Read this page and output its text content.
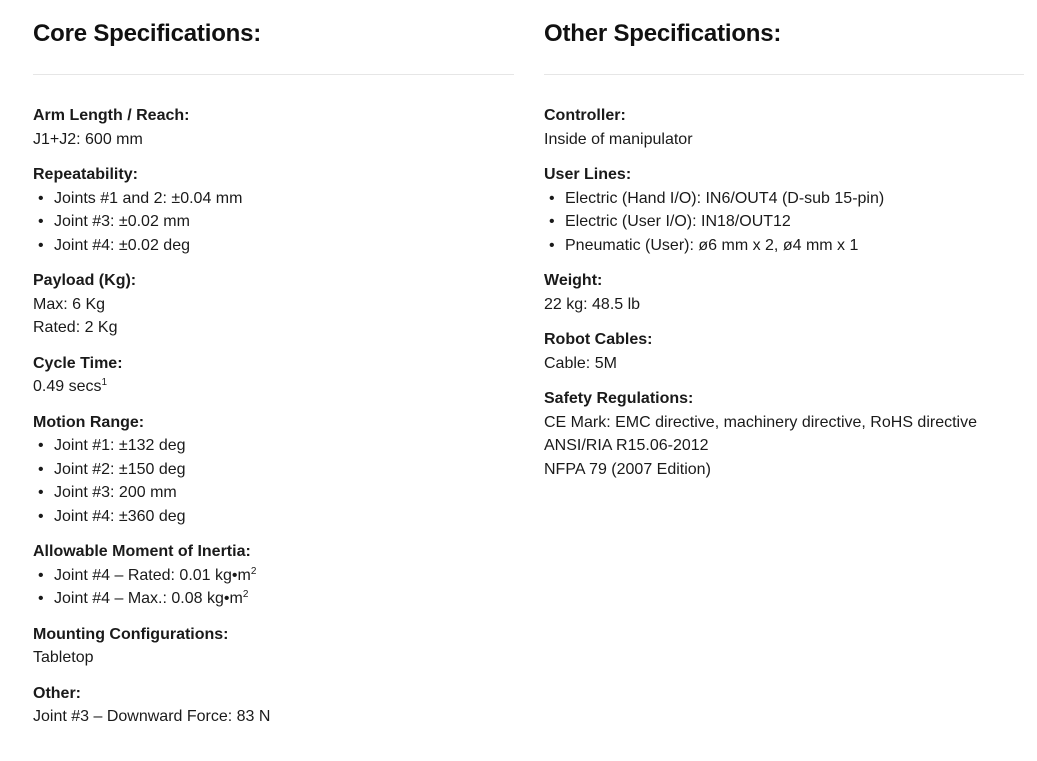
Core Specifications:
Arm Length / Reach:
J1+J2: 600 mm
Repeatability:
• Joints #1 and 2: ±0.04 mm
• Joint #3: ±0.02 mm
• Joint #4: ±0.02 deg
Payload (Kg):
Max: 6 Kg
Rated: 2 Kg
Cycle Time:
0.49 secs$^1$
Motion Range:
• Joint #1: ±132 deg
• Joint #2: ±150 deg
• Joint #3: 200 mm
• Joint #4: ±360 deg
Allowable Moment of Inertia:
• Joint #4 – Rated: 0.01 $kg•m^2$
• Joint #4 – Max.: 0.08 $kg•m^2$
Mounting Configurations:
Tabletop
Other:
Joint #3 – Downward Force: 83 N
Other Specifications:
Controller:
Inside of manipulator
User Lines:
• Electric (Hand I/O): IN6/OUT4 (D-sub 15-pin)
• Electric (User I/O): IN18/OUT12
• Pneumatic (User): ø6 mm x 2, ø4 mm x 1
Weight:
22 kg: 48.5 lb
Robot Cables:
Cable: 5M
Safety Regulations:
CE Mark: EMC directive, machinery directive, RoHS directive
ANSI/RIA R15.06-2012
NFPA 79 (2007 Edition)
